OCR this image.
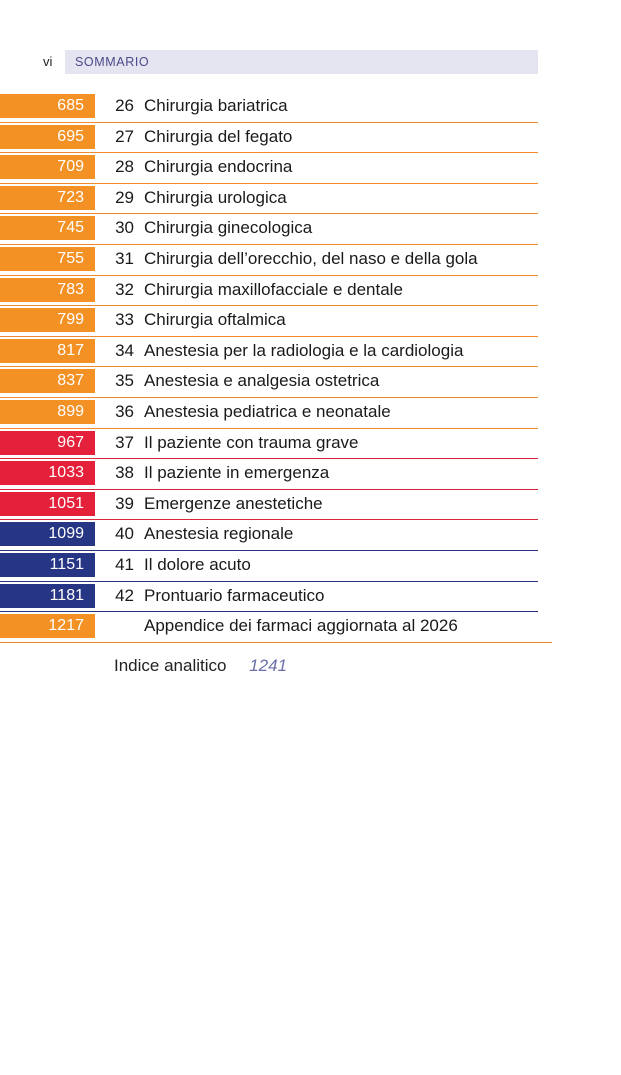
vi SOMMARIO
685	26 Chirurgia bariatrica
695	27 Chirurgia del fegato
709	28 Chirurgia endocrina
723	29 Chirurgia urologica
745	30 Chirurgia ginecologica
755	31 Chirurgia dell’orecchio, del naso e della gola
783	32 Chirurgia maxillofacciale e dentale
799	33 Chirurgia oftalmica
817	34 Anestesia per la radiologia e la cardiologia
837	35 Anestesia e analgesia ostetrica
899	36 Anestesia pediatrica e neonatale
967	37 Il paziente con trauma grave
1033	38 Il paziente in emergenza
1051	39 Emergenze anestetiche
1099	40 Anestesia regionale
1151	41 Il dolore acuto
1181	42 Prontuario farmaceutico
1217	Appendice dei farmaci aggiornata al 2026
Indice analitico 1241
